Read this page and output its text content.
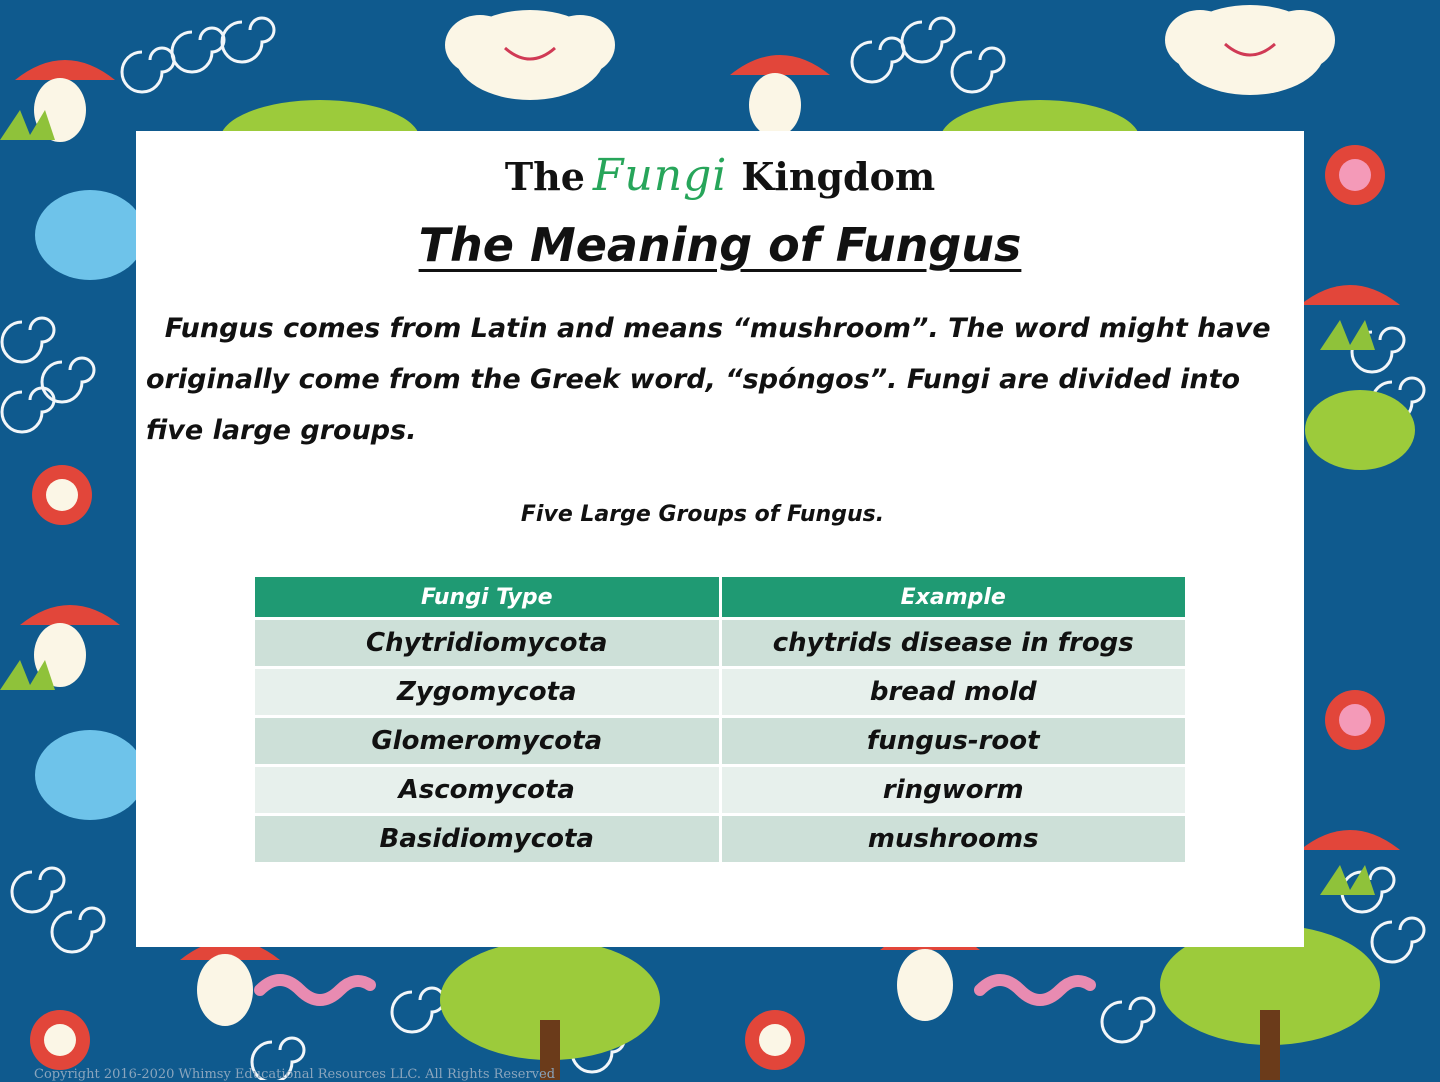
The Fungi Kingdom
The Meaning of Fungus
Fungus comes from Latin and means “mushroom”. The word might have originally come from the Greek word, “spóngos”. Fungi are divided into five large groups.
Five Large Groups of Fungus.
Fungi Type	Example
Chytridiomycota	chytrids disease in frogs
Zygomycota	bread mold
Glomeromycota	fungus-root
Ascomycota	ringworm
Basidiomycota	mushrooms
Copyright 2016-2020 Whimsy Educational Resources LLC. All Rights Reserved
